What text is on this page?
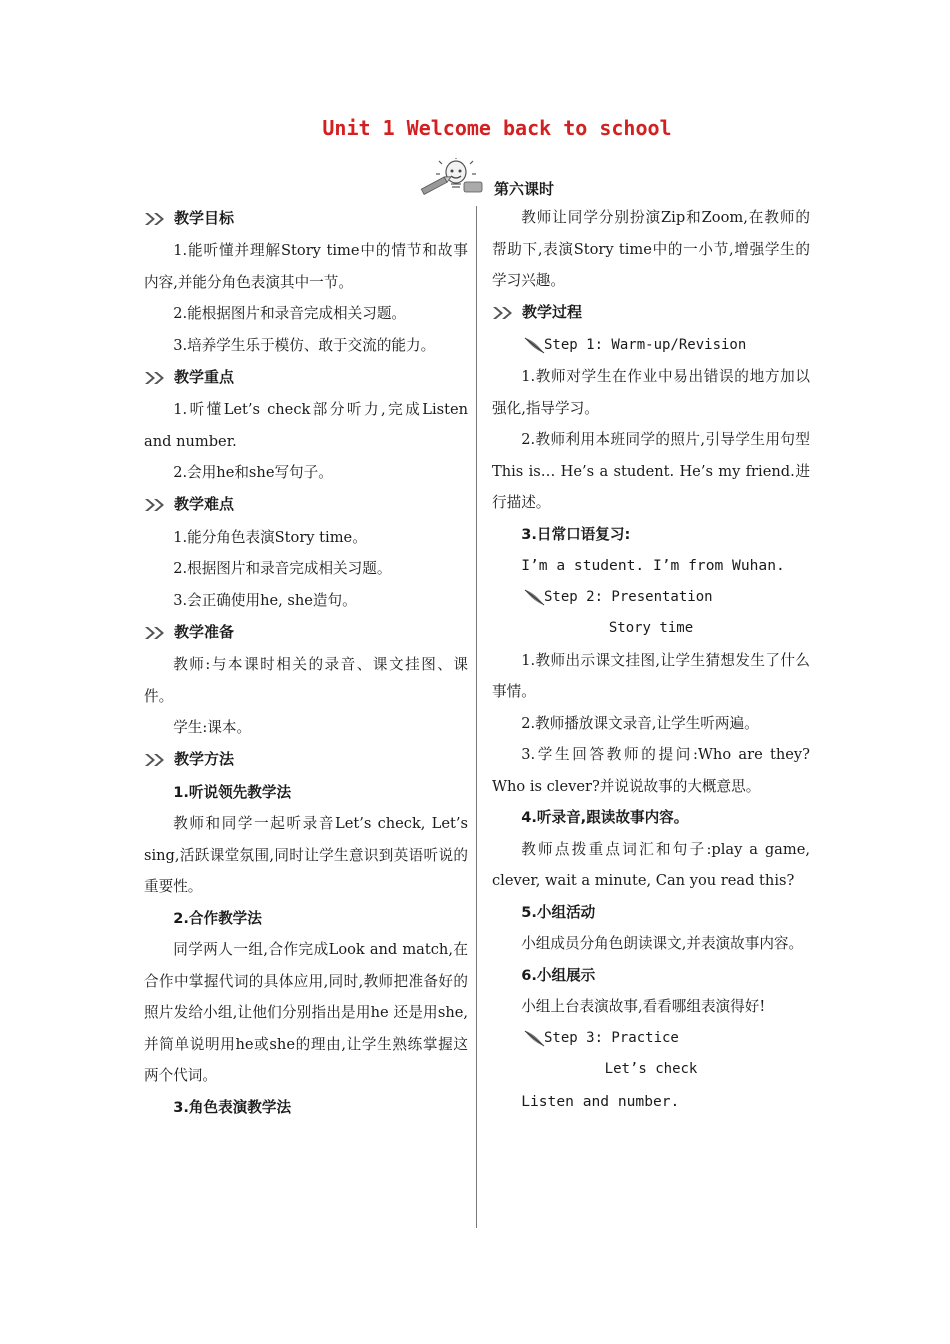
Unit 1 Welcome back to school
第六课时
教学目标

1.能听懂并理解Story time中的情节和故事内容,并能分角色表演其中一节。

2.能根据图片和录音完成相关习题。

3.培养学生乐于模仿、敢于交流的能力。

教学重点

1.听懂Let’s check部分听力,完成Listen and number.

2.会用he和she写句子。

教学难点

1.能分角色表演Story time。

2.根据图片和录音完成相关习题。

3.会正确使用he, she造句。

教学准备

教师:与本课时相关的录音、课文挂图、课件。

学生:课本。

教学方法

1.听说领先教学法

教师和同学一起听录音Let’s check, Let’s sing,活跃课堂氛围,同时让学生意识到英语听说的重要性。

2.合作教学法

同学两人一组,合作完成Look and match,在合作中掌握代词的具体应用,同时,教师把准备好的照片发给小组,让他们分别指出是用he 还是用she,并简单说明用he或she的理由,让学生熟练掌握这两个代词。

3.角色表演教学法

教师让同学分别扮演Zip和Zoom,在教师的帮助下,表演Story time中的一小节,增强学生的学习兴趣。

教学过程

Step 1: Warm-up/Revision

1.教师对学生在作业中易出错误的地方加以强化,指导学习。

2.教师利用本班同学的照片,引导学生用句型This is… He’s a student. He’s my friend.进行描述。

3.日常口语复习:

I’m a student. I’m from Wuhan.

Step 2: Presentation

Story time

1.教师出示课文挂图,让学生猜想发生了什么事情。

2.教师播放课文录音,让学生听两遍。

3.学生回答教师的提问:Who are they?Who is clever?并说说故事的大概意思。

4.听录音,跟读故事内容。

教师点拨重点词汇和句子:play a game, clever, wait a minute, Can you read this?

5.小组活动

小组成员分角色朗读课文,并表演故事内容。

6.小组展示

小组上台表演故事,看看哪组表演得好!

Step 3: Practice

Let’s check

Listen and number.
